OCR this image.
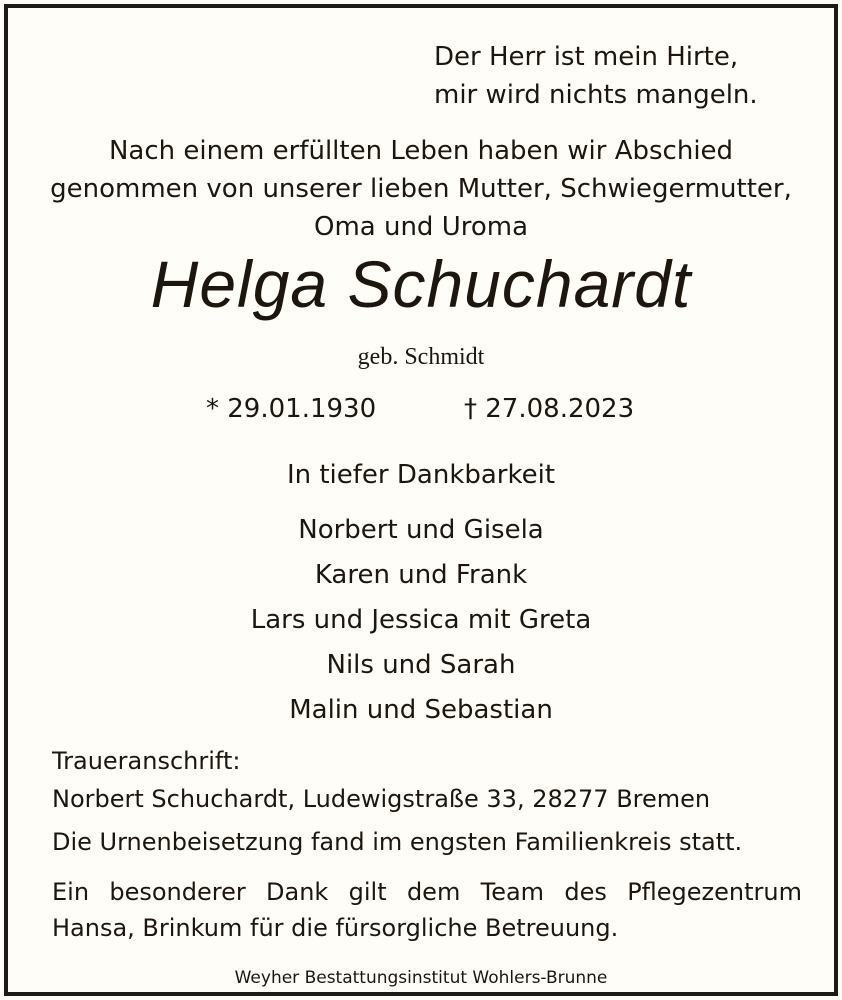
Der Herr ist mein Hirte,
mir wird nichts mangeln.
Nach einem erfüllten Leben haben wir Abschied
genommen von unserer lieben Mutter, Schwiegermutter,
Oma und Uroma
Helga Schuchardt
geb. Schmidt
* 29.01.1930	† 27.08.2023
In tiefer Dankbarkeit
Norbert und Gisela
Karen und Frank
Lars und Jessica mit Greta
Nils und Sarah
Malin und Sebastian
Traueranschrift:
Norbert Schuchardt, Ludewigstraße 33, 28277 Bremen
Die Urnenbeisetzung fand im engsten Familienkreis statt.
Ein besonderer Dank gilt dem Team des Pflegezentrum Hansa, Brinkum für die fürsorgliche Betreuung.
Weyher Bestattungsinstitut Wohlers-Brunne
